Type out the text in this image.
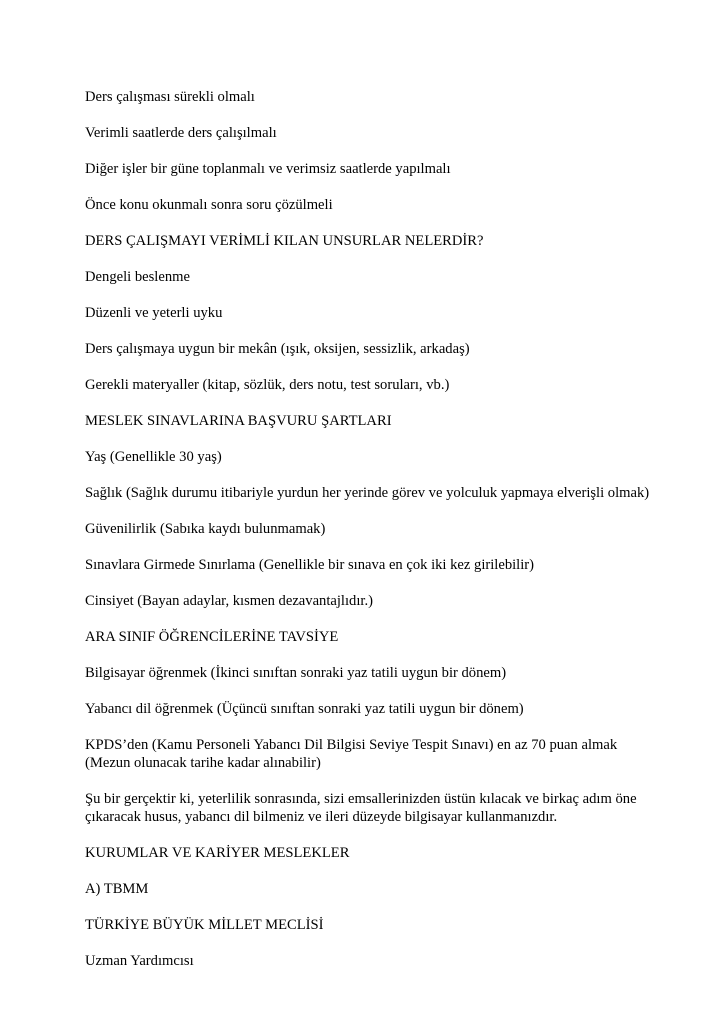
Ders çalışması sürekli olmalı

Verimli saatlerde ders çalışılmalı

Diğer işler bir güne toplanmalı ve verimsiz saatlerde yapılmalı

Önce konu okunmalı sonra soru çözülmeli

DERS ÇALIŞMAYI VERİMLİ KILAN UNSURLAR NELERDİR?

Dengeli beslenme

Düzenli ve yeterli uyku

Ders çalışmaya uygun bir mekân (ışık, oksijen, sessizlik, arkadaş)

Gerekli materyaller (kitap, sözlük, ders notu, test soruları, vb.)

MESLEK SINAVLARINA BAŞVURU ŞARTLARI

Yaş (Genellikle 30 yaş)

Sağlık (Sağlık durumu itibariyle yurdun her yerinde görev ve yolculuk yapmaya elverişli olmak)

Güvenilirlik (Sabıka kaydı bulunmamak)

Sınavlara Girmede Sınırlama (Genellikle bir sınava en çok iki kez girilebilir)

Cinsiyet (Bayan adaylar, kısmen dezavantajlıdır.)

ARA SINIF ÖĞRENCİLERİNE TAVSİYE

Bilgisayar öğrenmek (İkinci sınıftan sonraki yaz tatili uygun bir dönem)

Yabancı dil öğrenmek (Üçüncü sınıftan sonraki yaz tatili uygun bir dönem)

KPDS’den (Kamu Personeli Yabancı Dil Bilgisi Seviye Tespit Sınavı) en az 70 puan almak (Mezun olunacak tarihe kadar alınabilir)

Şu bir gerçektir ki, yeterlilik sonrasında, sizi emsallerinizden üstün kılacak ve birkaç adım öne çıkaracak husus, yabancı dil bilmeniz ve ileri düzeyde bilgisayar kullanmanızdır.

KURUMLAR VE KARİYER MESLEKLER

A) TBMM

TÜRKİYE BÜYÜK MİLLET MECLİSİ

Uzman Yardımcısı
